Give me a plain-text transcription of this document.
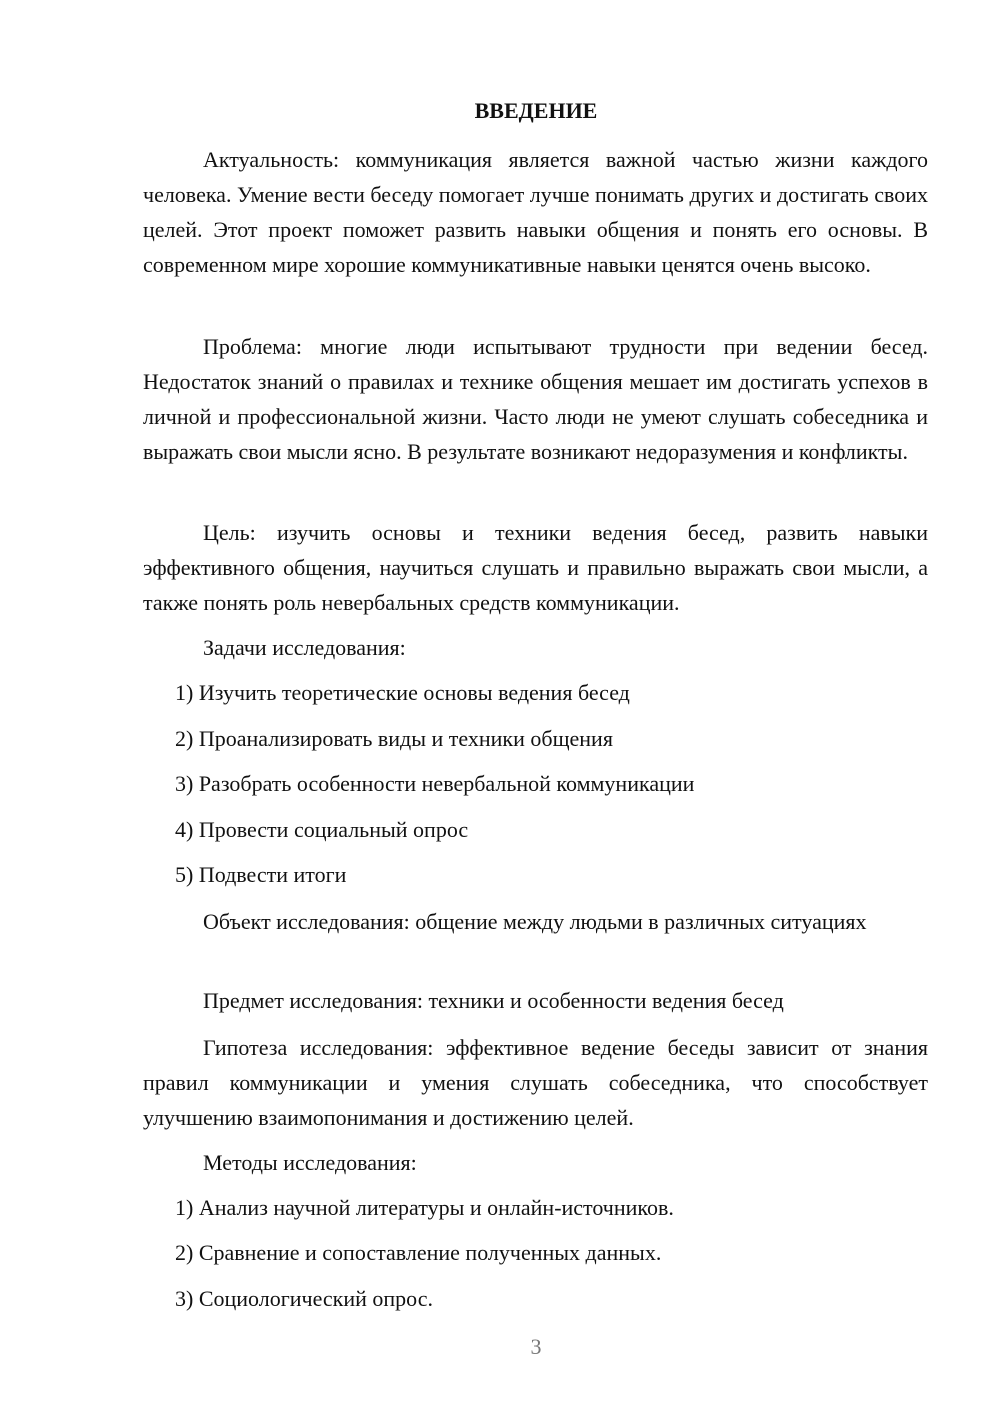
ВВЕДЕНИЕ

Актуальность: коммуникация является важной частью жизни каждого человека. Умение вести беседу помогает лучше понимать других и достигать своих целей. Этот проект поможет развить навыки общения и понять его основы. В современном мире хорошие коммуникативные навыки ценятся очень высоко.

Проблема: многие люди испытывают трудности при ведении бесед. Недостаток знаний о правилах и технике общения мешает им достигать успехов в личной и профессиональной жизни. Часто люди не умеют слушать собеседника и выражать свои мысли ясно. В результате возникают недоразумения и конфликты.

Цель: изучить основы и техники ведения бесед, развить навыки эффективного общения, научиться слушать и правильно выражать свои мысли, а также понять роль невербальных средств коммуникации.

Задачи исследования:

1) Изучить теоретические основы ведения бесед

2) Проанализировать виды и техники общения

3) Разобрать особенности невербальной коммуникации

4) Провести социальный опрос

5) Подвести итоги

Объект исследования: общение между людьми в различных ситуациях

Предмет исследования: техники и особенности ведения бесед

Гипотеза исследования: эффективное ведение беседы зависит от знания правил коммуникации и умения слушать собеседника, что способствует улучшению взаимопонимания и достижению целей.

Методы исследования:

1) Анализ научной литературы и онлайн-источников.

2) Сравнение и сопоставление полученных данных.

3) Социологический опрос.

3
